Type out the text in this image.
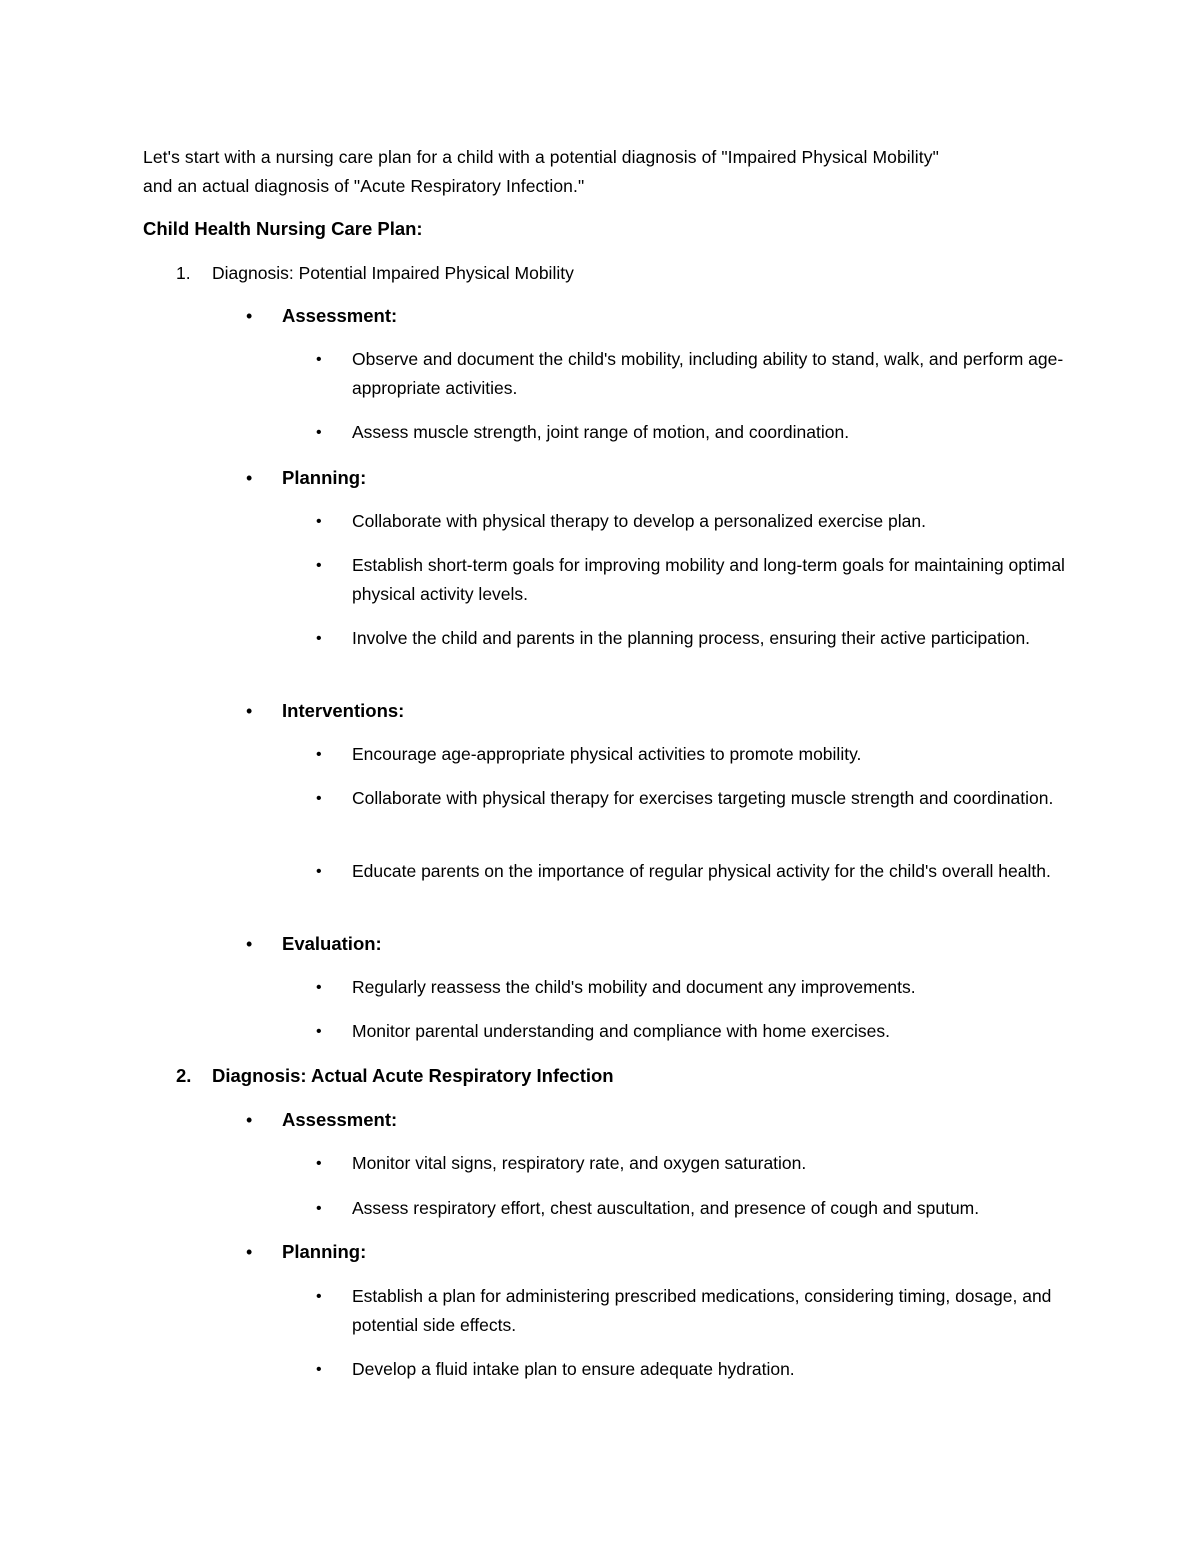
Let's start with a nursing care plan for a child with a potential diagnosis of "Impaired Physical Mobility"
and an actual diagnosis of "Acute Respiratory Infection."

Child Health Nursing Care Plan:
1. Diagnosis: Potential Impaired Physical Mobility
• Assessment:
• Observe and document the child's mobility, including ability to stand, walk, and perform age-appropriate activities.

• Assess muscle strength, joint range of motion, and coordination.

• Planning:
• Collaborate with physical therapy to develop a personalized exercise plan.

• Establish short-term goals for improving mobility and long-term goals for maintaining optimal physical activity levels.

• Involve the child and parents in the planning process, ensuring their active participation.

• Interventions:
• Encourage age-appropriate physical activities to promote mobility.

• Collaborate with physical therapy for exercises targeting muscle strength and coordination.

• Educate parents on the importance of regular physical activity for the child's overall health.

• Evaluation:
• Regularly reassess the child's mobility and document any improvements.

• Monitor parental understanding and compliance with home exercises.

2. Diagnosis: Actual Acute Respiratory Infection
• Assessment:
• Monitor vital signs, respiratory rate, and oxygen saturation.

• Assess respiratory effort, chest auscultation, and presence of cough and sputum.

• Planning:
• Establish a plan for administering prescribed medications, considering timing, dosage, and potential side effects.

• Develop a fluid intake plan to ensure adequate hydration.
